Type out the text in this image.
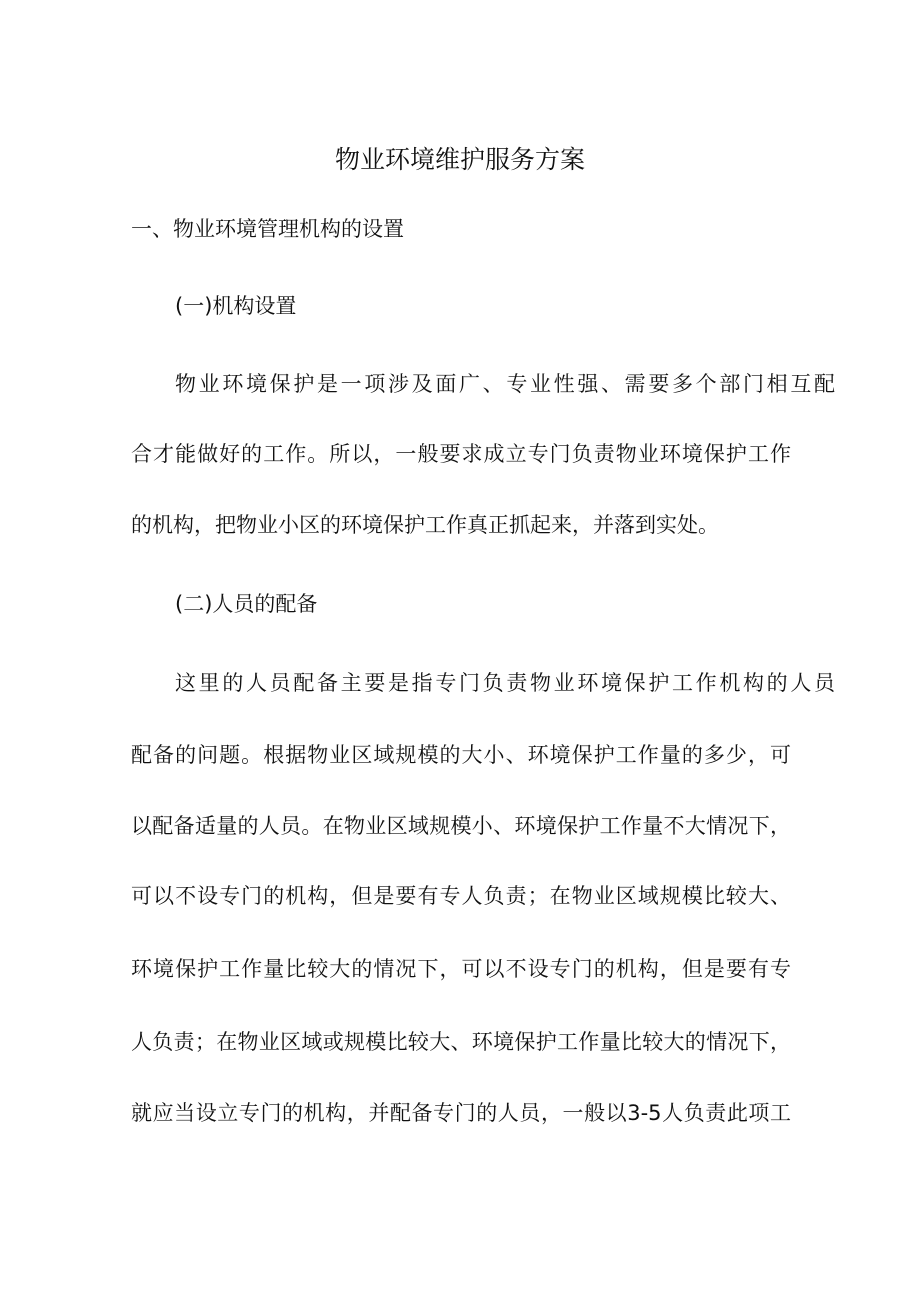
物业环境维护服务方案
一、物业环境管理机构的设置
(一)机构设置
物业环境保护是一项涉及面广、专业性强、需要多个部门相互配
合才能做好的工作。所以，一般要求成立专门负责物业环境保护工作
的机构，把物业小区的环境保护工作真正抓起来，并落到实处。
(二)人员的配备
这里的人员配备主要是指专门负责物业环境保护工作机构的人员
配备的问题。根据物业区域规模的大小、环境保护工作量的多少，可
以配备适量的人员。在物业区域规模小、环境保护工作量不大情况下，
可以不设专门的机构，但是要有专人负责；在物业区域规模比较大、
环境保护工作量比较大的情况下，可以不设专门的机构，但是要有专
人负责；在物业区域或规模比较大、环境保护工作量比较大的情况下，
就应当设立专门的机构，并配备专门的人员，一般以3-5人负责此项工
